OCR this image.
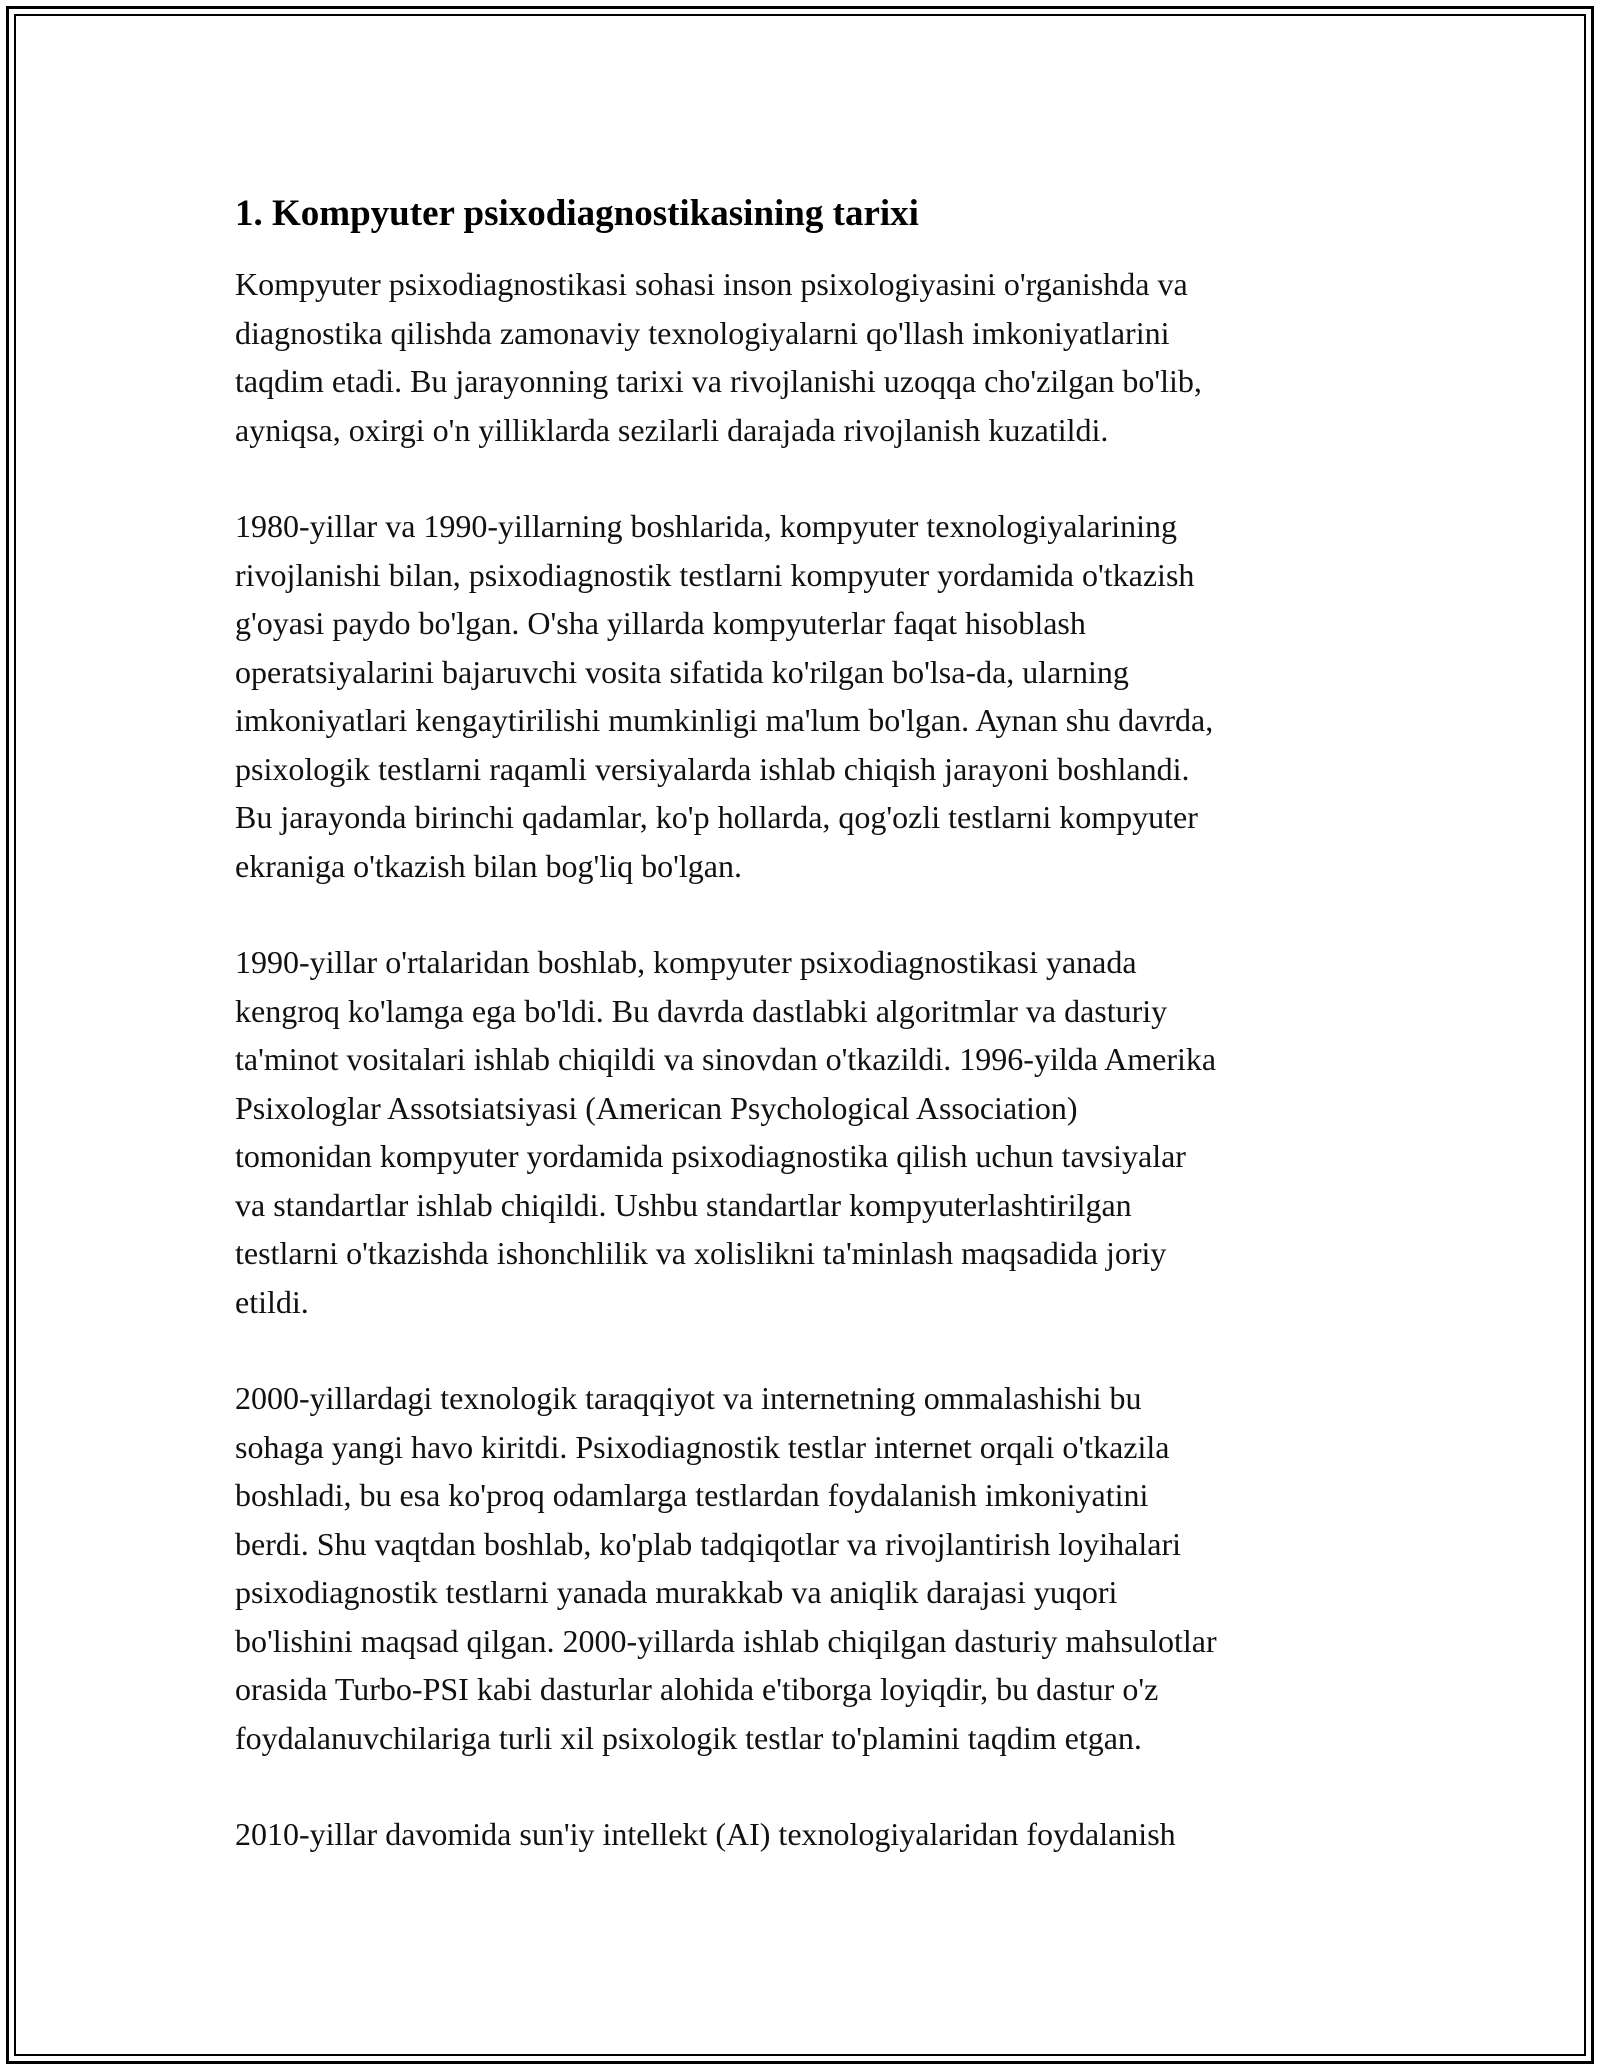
1. Kompyuter psixodiagnostikasining tarixi

Kompyuter psixodiagnostikasi sohasi inson psixologiyasini o'rganishda va
diagnostika qilishda zamonaviy texnologiyalarni qo'llash imkoniyatlarini
taqdim etadi. Bu jarayonning tarixi va rivojlanishi uzoqqa cho'zilgan bo'lib,
ayniqsa, oxirgi o'n yilliklarda sezilarli darajada rivojlanish kuzatildi.

1980-yillar va 1990-yillarning boshlarida, kompyuter texnologiyalarining
rivojlanishi bilan, psixodiagnostik testlarni kompyuter yordamida o'tkazish
g'oyasi paydo bo'lgan. O'sha yillarda kompyuterlar faqat hisoblash
operatsiyalarini bajaruvchi vosita sifatida ko'rilgan bo'lsa-da, ularning
imkoniyatlari kengaytirilishi mumkinligi ma'lum bo'lgan. Aynan shu davrda,
psixologik testlarni raqamli versiyalarda ishlab chiqish jarayoni boshlandi.
Bu jarayonda birinchi qadamlar, ko'p hollarda, qog'ozli testlarni kompyuter
ekraniga o'tkazish bilan bog'liq bo'lgan.

1990-yillar o'rtalaridan boshlab, kompyuter psixodiagnostikasi yanada
kengroq ko'lamga ega bo'ldi. Bu davrda dastlabki algoritmlar va dasturiy
ta'minot vositalari ishlab chiqildi va sinovdan o'tkazildi. 1996-yilda Amerika
Psixologlar Assotsiatsiyasi (American Psychological Association)
tomonidan kompyuter yordamida psixodiagnostika qilish uchun tavsiyalar
va standartlar ishlab chiqildi. Ushbu standartlar kompyuterlashtirilgan
testlarni o'tkazishda ishonchlilik va xolislikni ta'minlash maqsadida joriy
etildi.

2000-yillardagi texnologik taraqqiyot va internetning ommalashishi bu
sohaga yangi havo kiritdi. Psixodiagnostik testlar internet orqali o'tkazila
boshladi, bu esa ko'proq odamlarga testlardan foydalanish imkoniyatini
berdi. Shu vaqtdan boshlab, ko'plab tadqiqotlar va rivojlantirish loyihalari
psixodiagnostik testlarni yanada murakkab va aniqlik darajasi yuqori
bo'lishini maqsad qilgan. 2000-yillarda ishlab chiqilgan dasturiy mahsulotlar
orasida Turbo-PSI kabi dasturlar alohida e'tiborga loyiqdir, bu dastur o'z
foydalanuvchilariga turli xil psixologik testlar to'plamini taqdim etgan.

2010-yillar davomida sun'iy intellekt (AI) texnologiyalaridan foydalanish
